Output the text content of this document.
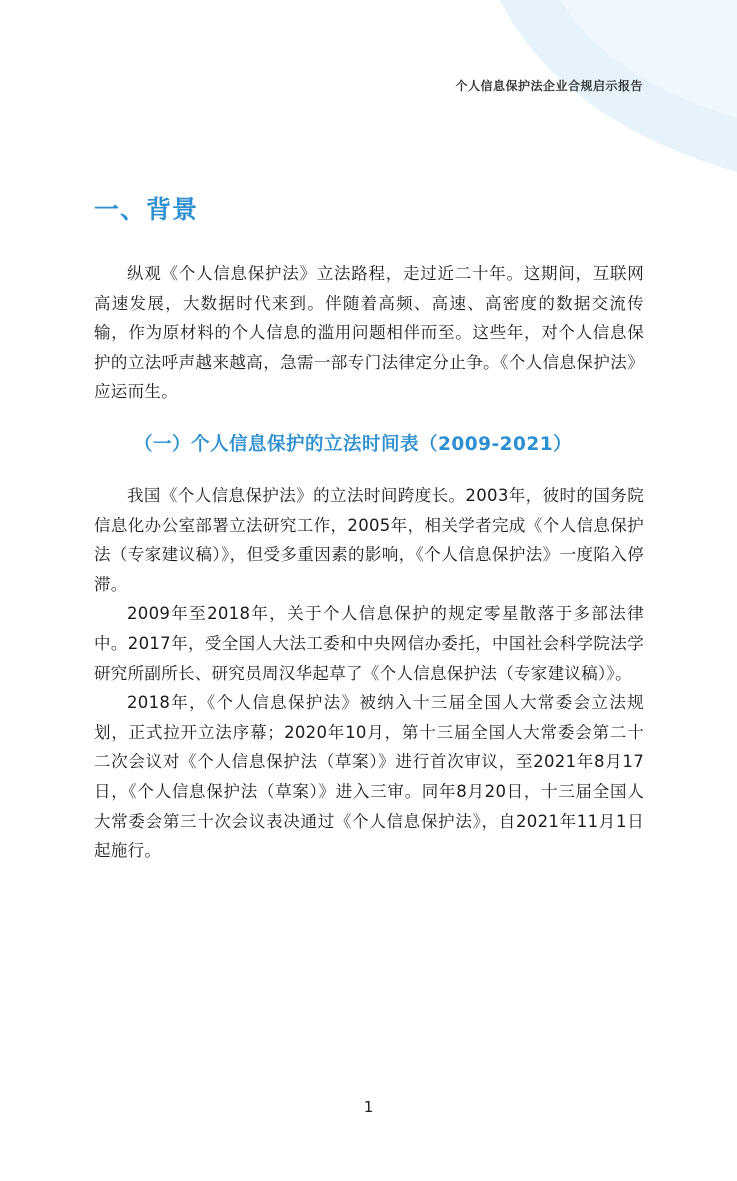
个人信息保护法企业合规启示报告
一、背景

纵观《个人信息保护法》立法路程，走过近二十年。这期间，互联网高速发展，大数据时代来到。伴随着高频、高速、高密度的数据交流传输，作为原材料的个人信息的滥用问题相伴而至。这些年，对个人信息保护的立法呼声越来越高，急需一部专门法律定分止争。《个人信息保护法》应运而生。

（一）个人信息保护的立法时间表（2009-2021）

我国《个人信息保护法》的立法时间跨度长。2003年，彼时的国务院信息化办公室部署立法研究工作，2005年，相关学者完成《个人信息保护法（专家建议稿）》，但受多重因素的影响，《个人信息保护法》一度陷入停滞。

2009年至2018年，关于个人信息保护的规定零星散落于多部法律中。2017年，受全国人大法工委和中央网信办委托，中国社会科学院法学研究所副所长、研究员周汉华起草了《个人信息保护法（专家建议稿）》。

2018年，《个人信息保护法》被纳入十三届全国人大常委会立法规划，正式拉开立法序幕；2020年10月，第十三届全国人大常委会第二十二次会议对《个人信息保护法（草案）》进行首次审议，至2021年8月17日，《个人信息保护法（草案）》进入三审。同年8月20日，十三届全国人大常委会第三十次会议表决通过《个人信息保护法》，自2021年11月1日起施行。

1
